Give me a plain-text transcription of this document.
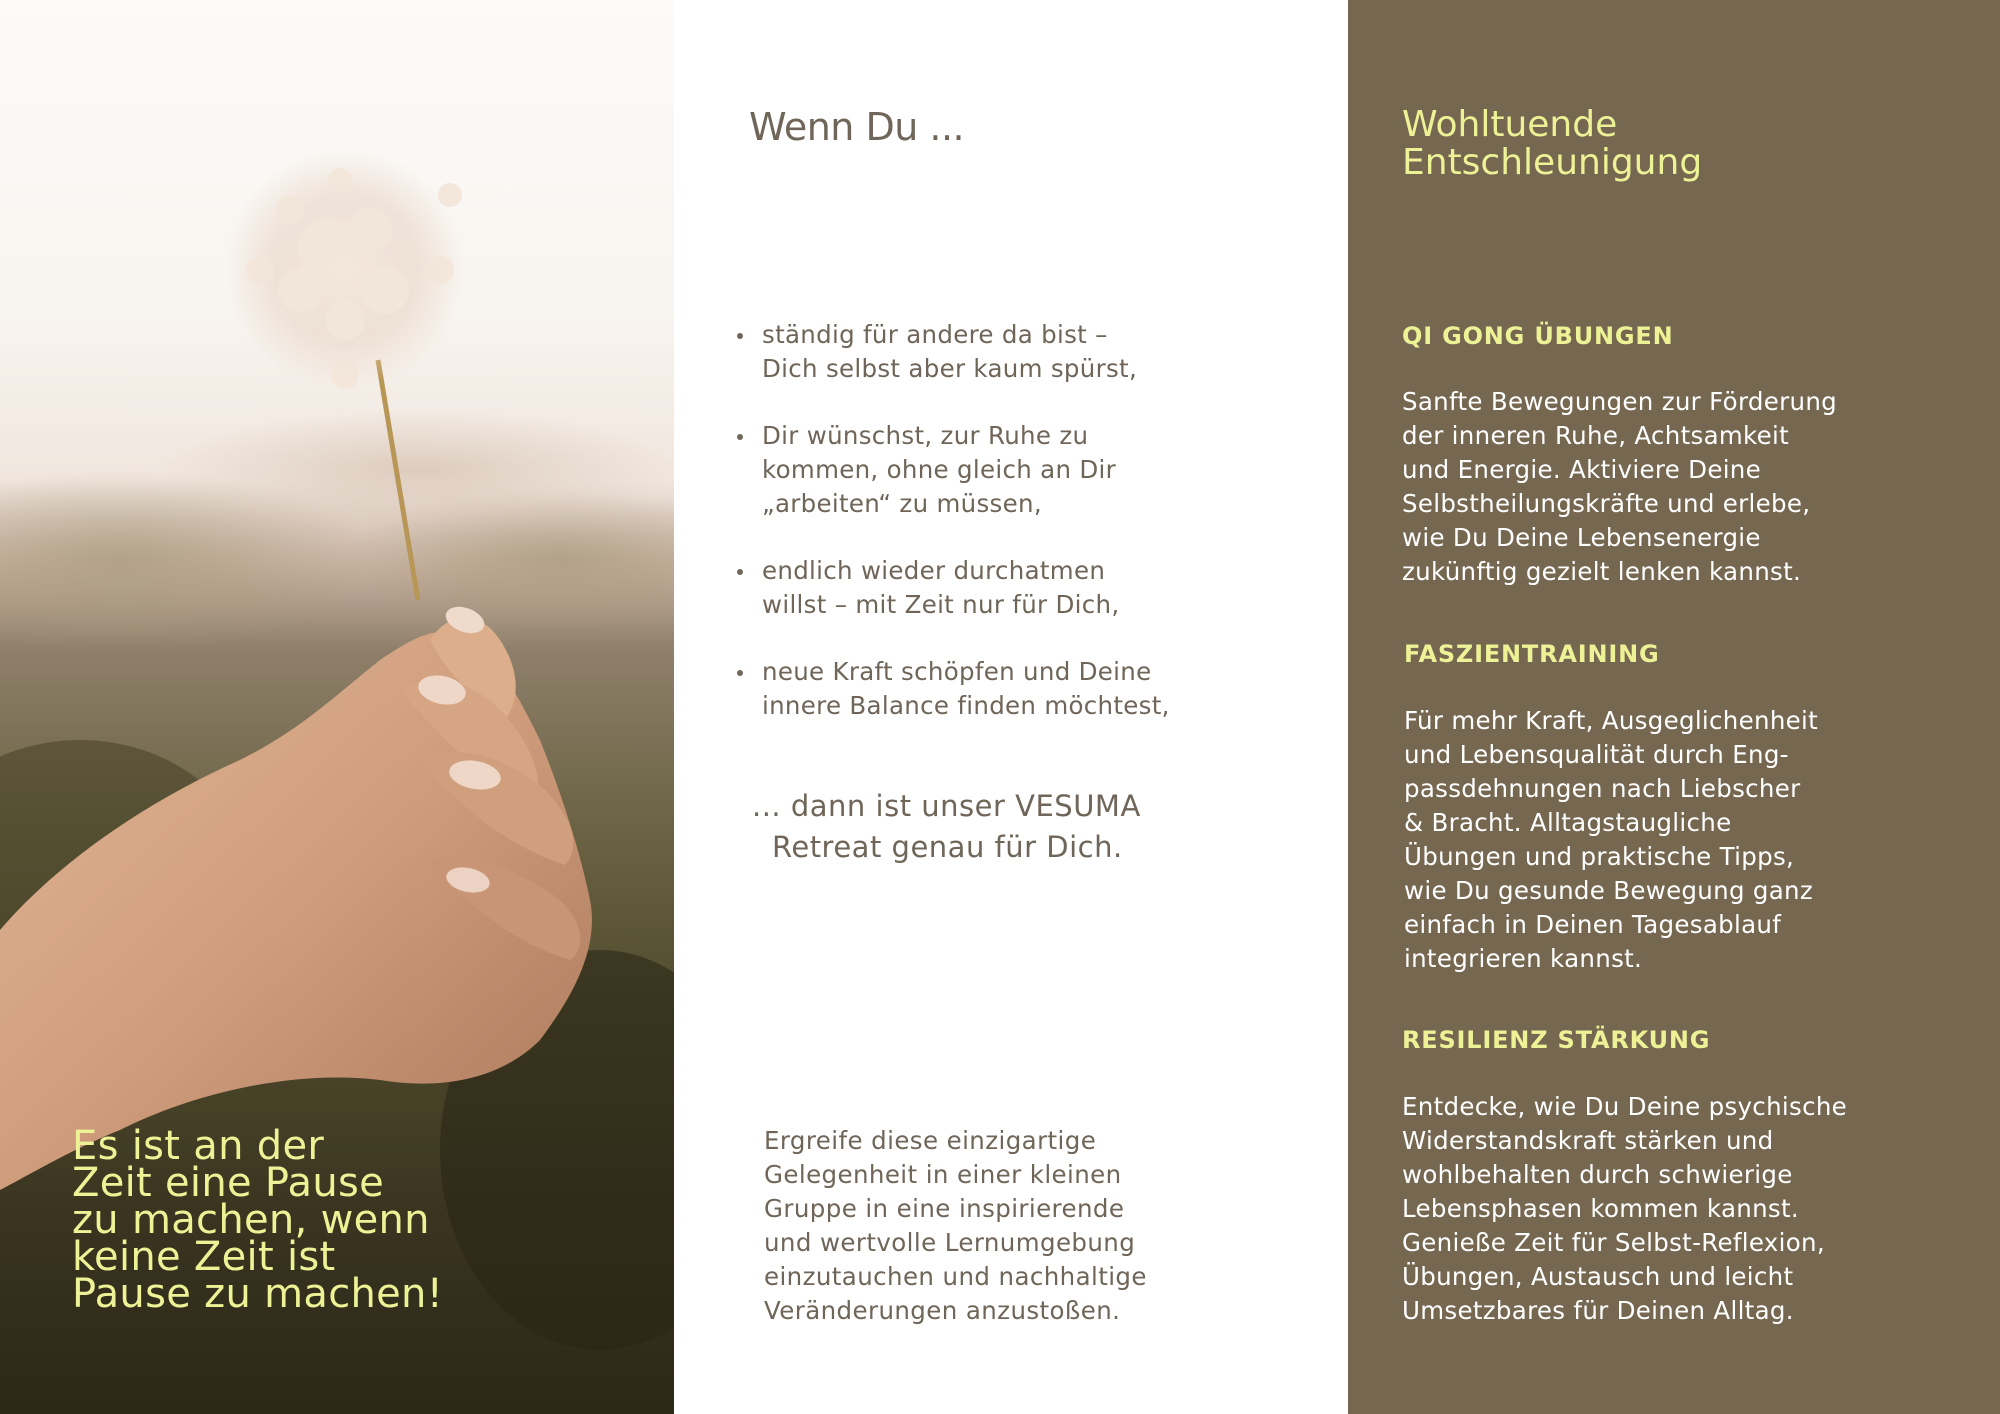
Es ist an der
Zeit eine Pause
zu machen, wenn
keine Zeit ist
Pause zu machen!
Wenn Du ...
ständig für andere da bist –
Dich selbst aber kaum spürst,
Dir wünschst, zur Ruhe zu
kommen, ohne gleich an Dir
„arbeiten“ zu müssen,
endlich wieder durchatmen
willst – mit Zeit nur für Dich,
neue Kraft schöpfen und Deine
innere Balance finden möchtest,

... dann ist unser VESUMA
Retreat genau für Dich.

Ergreife diese einzigartige
Gelegenheit in einer kleinen
Gruppe in eine inspirierende
und wertvolle Lernumgebung
einzutauchen und nachhaltige
Veränderungen anzustoßen.

Wohltuende
Entschleunigung
QI GONG ÜBUNGEN

Sanfte Bewegungen zur Förderung
der inneren Ruhe, Achtsamkeit
und Energie. Aktiviere Deine
Selbstheilungskräfte und erlebe,
wie Du Deine Lebensenergie
zukünftig gezielt lenken kannst.

FASZIENTRAINING

Für mehr Kraft, Ausgeglichenheit
und Lebensqualität durch Eng-
passdehnungen nach Liebscher
& Bracht. Alltagstaugliche
Übungen und praktische Tipps,
wie Du gesunde Bewegung ganz
einfach in Deinen Tagesablauf
integrieren kannst.

RESILIENZ STÄRKUNG

Entdecke, wie Du Deine psychische
Widerstandskraft stärken und
wohlbehalten durch schwierige
Lebensphasen kommen kannst.
Genieße Zeit für Selbst-Reflexion,
Übungen, Austausch und leicht
Umsetzbares für Deinen Alltag.
